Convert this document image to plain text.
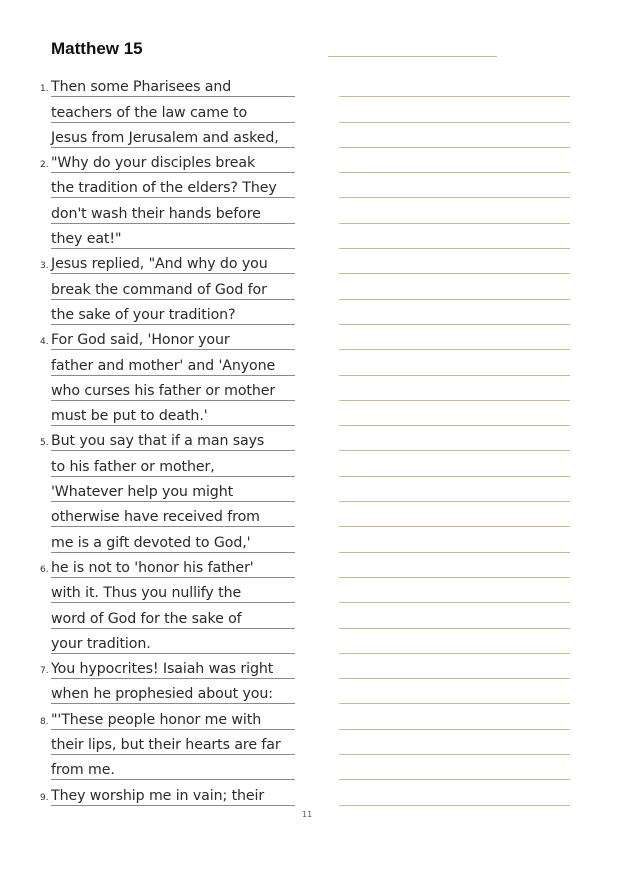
Matthew 15
1. Then some Pharisees and
teachers of the law came to
Jesus from Jerusalem and asked,
2. "Why do your disciples break
the tradition of the elders? They
don't wash their hands before
they eat!"
3. Jesus replied, "And why do you
break the command of God for
the sake of your tradition?
4. For God said, 'Honor your
father and mother' and 'Anyone
who curses his father or mother
must be put to death.'
5. But you say that if a man says
to his father or mother,
'Whatever help you might
otherwise have received from
me is a gift devoted to God,'
6. he is not to 'honor his father'
with it. Thus you nullify the
word of God for the sake of
your tradition.
7. You hypocrites! Isaiah was right
when he prophesied about you:
8. "'These people honor me with
their lips, but their hearts are far
from me.
9. They worship me in vain; their
11
